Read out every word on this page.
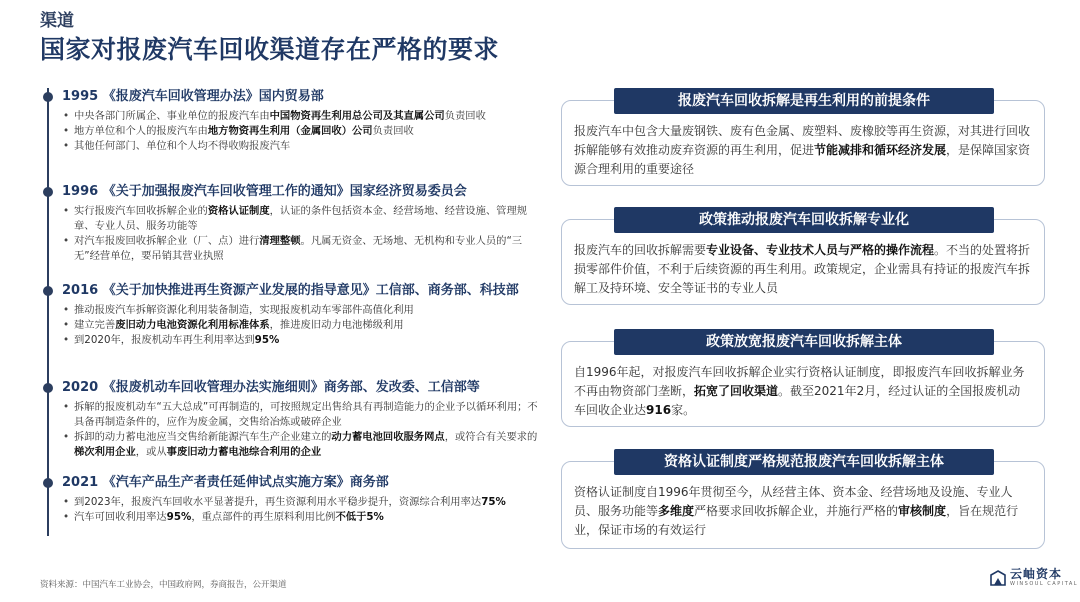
渠道
国家对报废汽车回收渠道存在严格的要求
1995 《报废汽车回收管理办法》国内贸易部
• 中央各部门所属企、事业单位的报废汽车由中国物资再生利用总公司及其直属公司负责回收
• 地方单位和个人的报废汽车由地方物资再生利用（金属回收）公司负责回收
• 其他任何部门、单位和个人均不得收购报废汽车
1996 《关于加强报废汽车回收管理工作的通知》国家经济贸易委员会
• 实行报废汽车回收拆解企业的资格认证制度，认证的条件包括资本金、经营场地、经营设施、管理规章、专业人员、服务功能等
• 对汽车报废回收拆解企业（厂、点）进行清理整顿。凡属无资金、无场地、无机构和专业人员的“三无”经营单位，要吊销其营业执照
2016 《关于加快推进再生资源产业发展的指导意见》工信部、商务部、科技部
• 推动报废汽车拆解资源化利用装备制造，实现报废机动车零部件高值化利用
• 建立完善废旧动力电池资源化利用标准体系，推进废旧动力电池梯级利用
• 到2020年，报废机动车再生利用率达到95%
2020 《报废机动车回收管理办法实施细则》商务部、发改委、工信部等
• 拆解的报废机动车“五大总成”可再制造的，可按照规定出售给具有再制造能力的企业予以循环利用；不具备再制造条件的，应作为废金属，交售给冶炼或破碎企业
• 拆卸的动力蓄电池应当交售给新能源汽车生产企业建立的动力蓄电池回收服务网点，或符合有关要求的梯次利用企业，或从事废旧动力蓄电池综合利用的企业
2021 《汽车产品生产者责任延伸试点实施方案》商务部
• 到2023年，报废汽车回收水平显著提升，再生资源利用水平稳步提升，资源综合利用率达75%
• 汽车可回收利用率达95%，重点部件的再生原料利用比例不低于5%
报废汽车回收拆解是再生利用的前提条件
报废汽车中包含大量废钢铁、废有色金属、废塑料、废橡胶等再生资源，对其进行回收拆解能够有效推动废弃资源的再生利用，促进节能减排和循环经济发展，是保障国家资源合理利用的重要途径
政策推动报废汽车回收拆解专业化
报废汽车的回收拆解需要专业设备、专业技术人员与严格的操作流程。不当的处置将折损零部件价值，不利于后续资源的再生利用。政策规定，企业需具有持证的报废汽车拆解工及持环境、安全等证书的专业人员
政策放宽报废汽车回收拆解主体
自1996年起，对报废汽车回收拆解企业实行资格认证制度，即报废汽车回收拆解业务不再由物资部门垄断，拓宽了回收渠道。截至2021年2月，经过认证的全国报废机动车回收企业达916家。
资格认证制度严格规范报废汽车回收拆解主体
资格认证制度自1996年贯彻至今，从经营主体、资本金、经营场地及设施、专业人员、服务功能等多维度严格要求回收拆解企业，并施行严格的审核制度，旨在规范行业，保证市场的有效运行
资料来源：中国汽车工业协会，中国政府网，券商报告，公开渠道
云岫资本
WINSOUL CAPITAL
